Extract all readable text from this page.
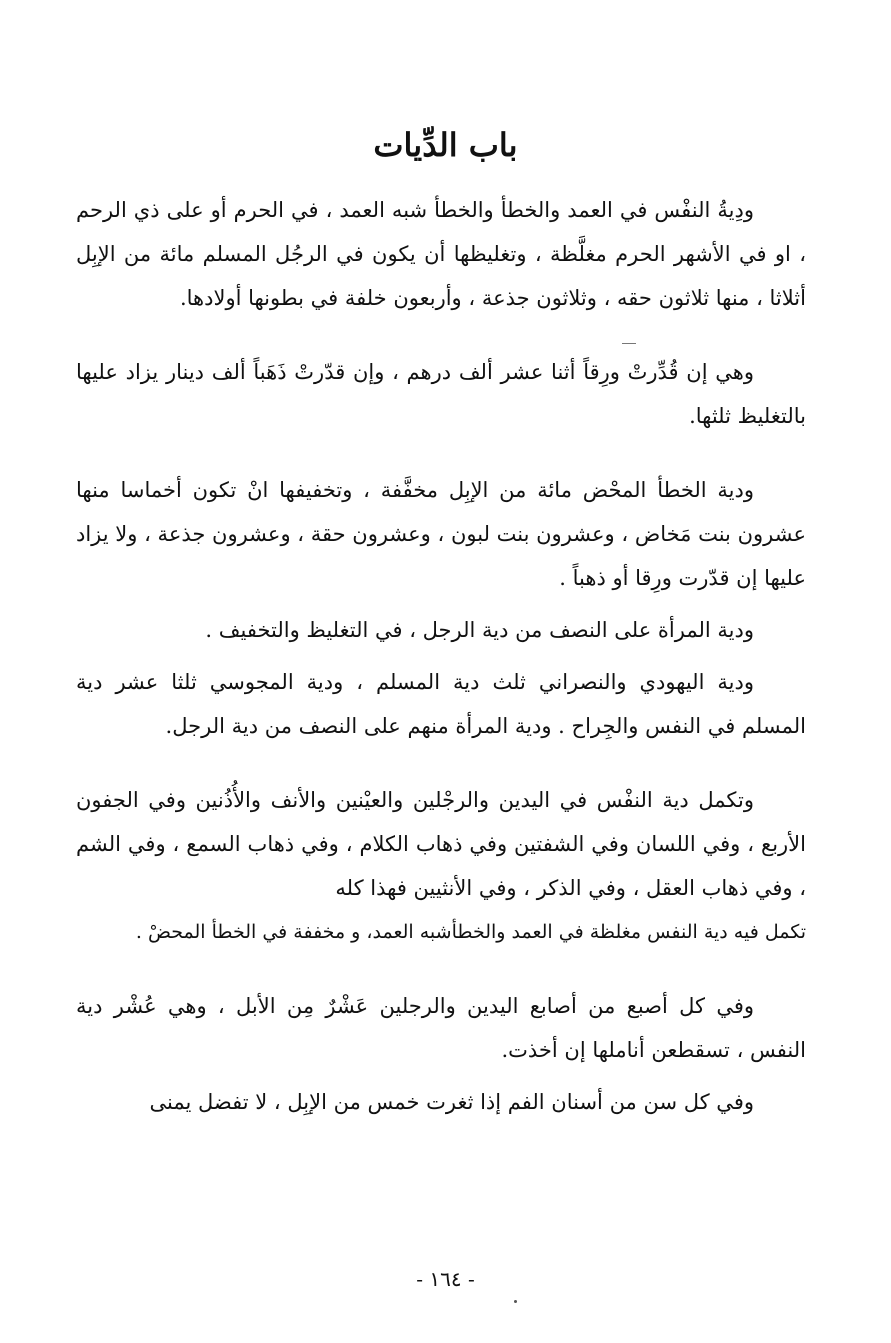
باب الدِّيات

ودِيةُ النفْس في العمد والخطأ والخطأ شبه العمد ، في الحرم أو على ذي الرحم ، او في الأشهر الحرم مغلَّظة ، وتغليظها أن يكون في الرجُل المسلم مائة من الإبِل أثلاثا ، منها ثلاثون حقه ، وثلاثون جذعة ، وأربعون خلفة في بطونها أولادها.

وهي إن قُدِّرتْ ورِقاً أثنا عشر ألف درهم ، وإن قدّرتْ ذَهَباً ألف دينار يزاد عليها بالتغليظ ثلثها.

ودية الخطأ المحْض مائة من الإبِل مخفَّفة ، وتخفيفها انْ تكون أخماسا منها عشرون بنت مَخاض ، وعشرون بنت لبون ، وعشرون حقة ، وعشرون جذعة ، ولا يزاد عليها إن قدّرت ورِقا أو ذهباً .

ودية المرأة على النصف من دية الرجل ، في التغليظ والتخفيف .

ودية اليهودي والنصراني ثلث دية المسلم ، ودية المجوسي ثلثا عشر دية المسلم في النفس والجِراح . ودية المرأة منهم على النصف من دية الرجل.

وتكمل دية النفْس في اليدين والرجْلين والعيْنين والأنف والأُذُنين وفي الجفون الأربع ، وفي اللسان وفي الشفتين وفي ذهاب الكلام ، وفي ذهاب السمع ، وفي الشم ، وفي ذهاب العقل ، وفي الذكر ، وفي الأنثيين فهذا كله

تكمل فيه دية النفس مغلظة في العمد والخطأشبه العمد، و مخففة في الخطأ المحضْ .

وفي كل أصبع من أصابع اليدين والرجلين عَشْرٌ مِن الأبل ، وهي عُشْر دية النفس ، تسقطعن أناملها إن أخذت.

وفي كل سن من أسنان الفم إذا ثغرت خمس من الإبِل ، لا تفضل يمنى

- ١٦٤ -
